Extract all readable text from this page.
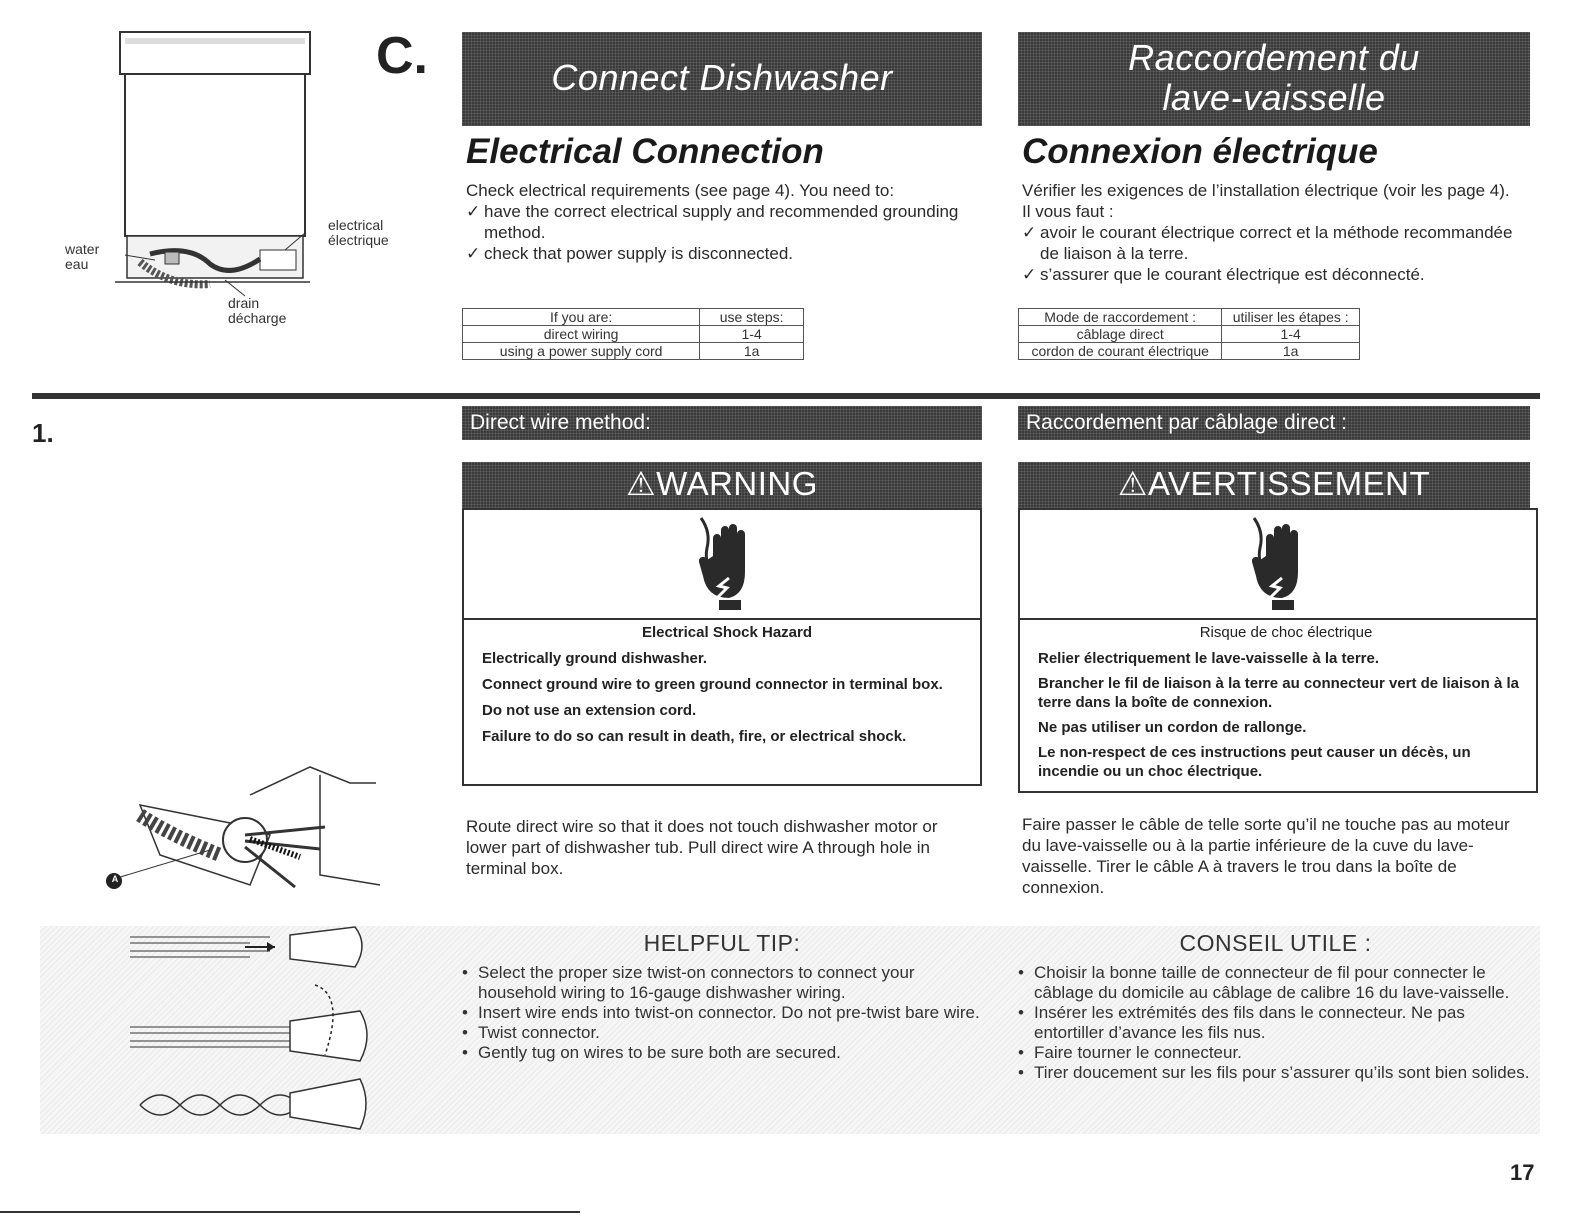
water
eau
electrical
électrique
drain
décharge
C.	Connect Dishwasher
Electrical Connection
Check electrical requirements (see page 4). You need to:
✓ have the correct electrical supply and recommended grounding method.
✓ check that power supply is disconnected.
If you are:	use steps:
direct wiring	1-4
using a power supply cord	1a
Raccordement du
lave-vaisselle
Connexion électrique
Vérifier les exigences de l’installation électrique (voir les page 4). Il vous faut :
✓ avoir le courant électrique correct et la méthode recommandée de liaison à la terre.
✓ s’assurer que le courant électrique est déconnecté.
Mode de raccordement :	utiliser les étapes :
câblage direct	1-4
cordon de courant électrique	1a
1.	Direct wire method:
⚠WARNING
Electrical Shock Hazard
Electrically ground dishwasher.
Connect ground wire to green ground connector in terminal box.
Do not use an extension cord.
Failure to do so can result in death, fire, or electrical shock.
Route direct wire so that it does not touch dishwasher motor or lower part of dishwasher tub. Pull direct wire A through hole in terminal box.
Raccordement par câblage direct :
⚠AVERTISSEMENT
Risque de choc électrique
Relier électriquement le lave-vaisselle à la terre.
Brancher le fil de liaison à la terre au connecteur vert de liaison à la terre dans la boîte de connexion.
Ne pas utiliser un cordon de rallonge.
Le non-respect de ces instructions peut causer un décès, un incendie ou un choc électrique.
Faire passer le câble de telle sorte qu’il ne touche pas au moteur du lave-vaisselle ou à la partie inférieure de la cuve du lave-vaisselle. Tirer le câble A à travers le trou dans la boîte de connexion.
A
HELPFUL TIP:
• Select the proper size twist-on connectors to connect your household wiring to 16-gauge dishwasher wiring.
• Insert wire ends into twist-on connector. Do not pre-twist bare wire.
• Twist connector.
• Gently tug on wires to be sure both are secured.
CONSEIL UTILE :
• Choisir la bonne taille de connecteur de fil pour connecter le câblage du domicile au câblage de calibre 16 du lave-vaisselle.
• Insérer les extrémités des fils dans le connecteur. Ne pas entortiller d’avance les fils nus.
• Faire tourner le connecteur.
• Tirer doucement sur les fils pour s’assurer qu’ils sont bien solides.
17
